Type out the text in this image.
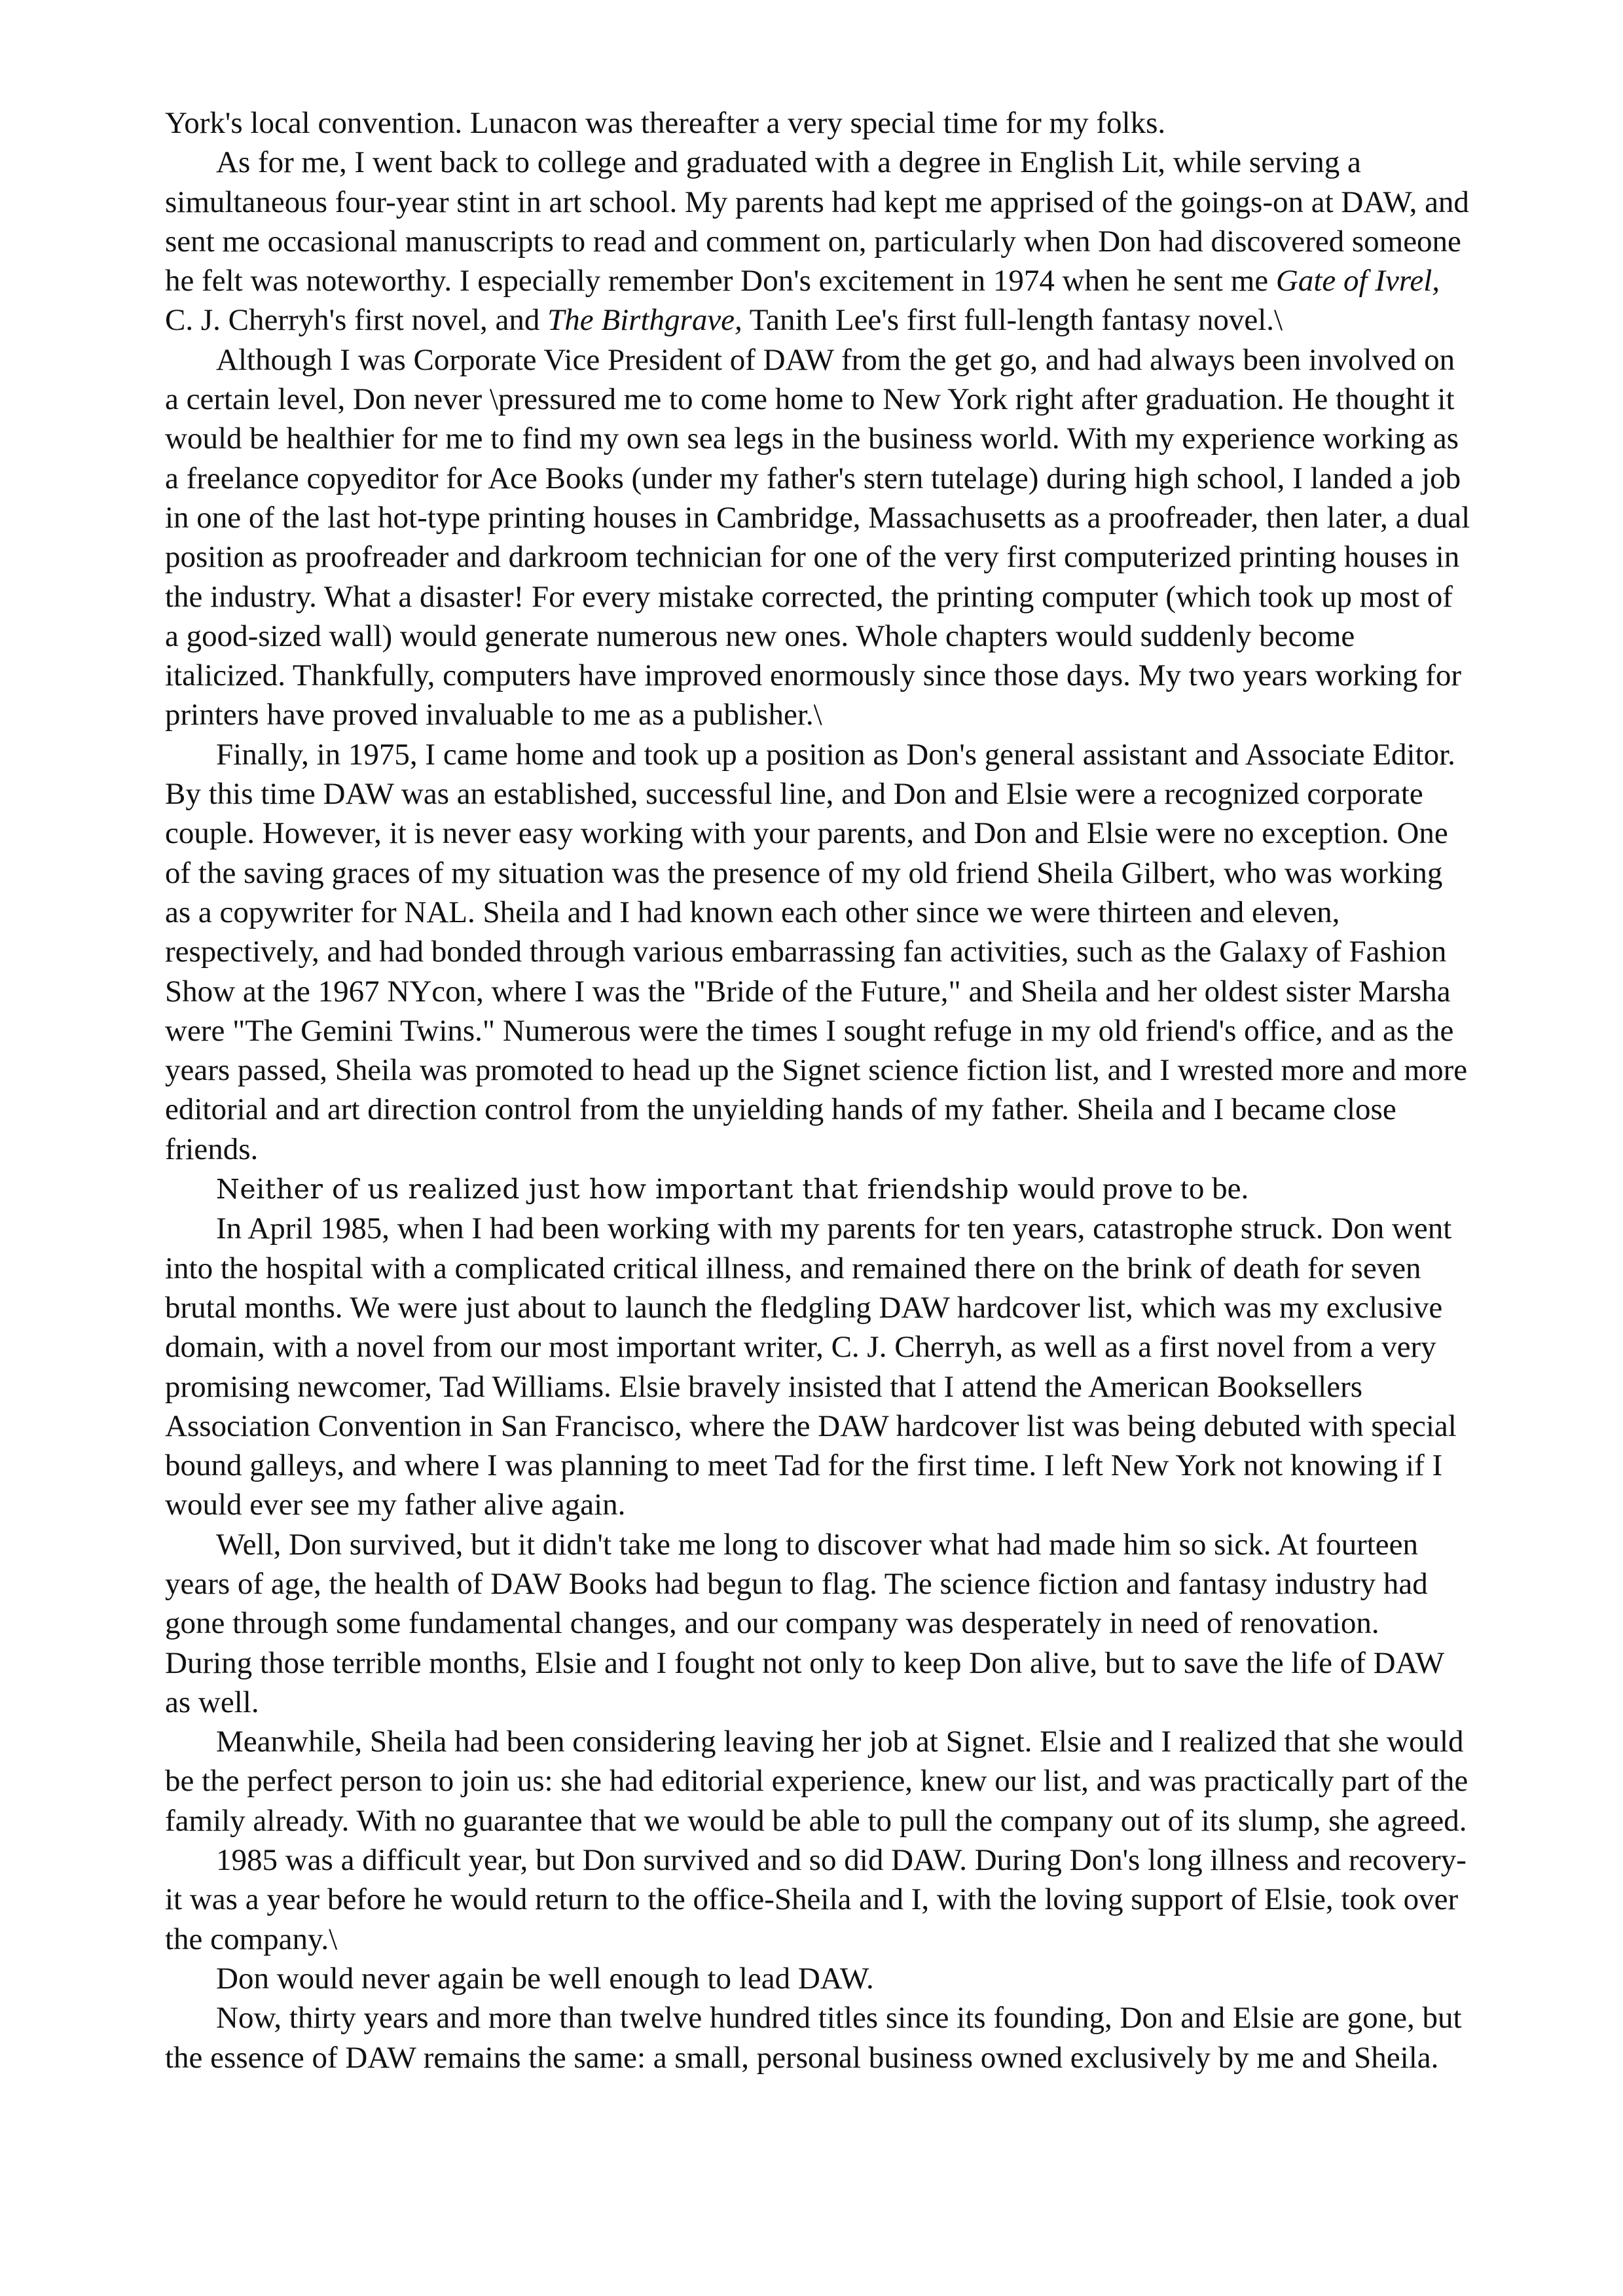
York's local convention. Lunacon was thereafter a very special time for my folks.

As for me, I went back to college and graduated with a degree in English Lit, while serving a simultaneous four-year stint in art school. My parents had kept me apprised of the goings-on at DAW, and sent me occasional manuscripts to read and comment on, particularly when Don had discovered someone he felt was noteworthy. I especially remember Don's excitement in 1974 when he sent me Gate of Ivrel, C. J. Cherryh's first novel, and The Birthgrave, Tanith Lee's first full-length fantasy novel.\

Although I was Corporate Vice President of DAW from the get go, and had always been involved on a certain level, Don never \pressured me to come home to New York right after graduation. He thought it would be healthier for me to find my own sea legs in the business world. With my experience working as a freelance copyeditor for Ace Books (under my father's stern tutelage) during high school, I landed a job in one of the last hot-type printing houses in Cambridge, Massachusetts as a proofreader, then later, a dual position as proofreader and darkroom technician for one of the very first computerized printing houses in the industry. What a disaster! For every mistake corrected, the printing computer (which took up most of a good-sized wall) would generate numerous new ones. Whole chapters would suddenly become italicized. Thankfully, computers have improved enormously since those days. My two years working for printers have proved invaluable to me as a publisher.\

Finally, in 1975, I came home and took up a position as Don's general assistant and Associate Editor. By this time DAW was an established, successful line, and Don and Elsie were a recognized corporate couple. However, it is never easy working with your parents, and Don and Elsie were no exception. One of the saving graces of my situation was the presence of my old friend Sheila Gilbert, who was working as a copywriter for NAL. Sheila and I had known each other since we were thirteen and eleven, respectively, and had bonded through various embarrassing fan activities, such as the Galaxy of Fashion Show at the 1967 NYcon, where I was the "Bride of the Future," and Sheila and her oldest sister Marsha were "The Gemini Twins." Numerous were the times I sought refuge in my old friend's office, and as the years passed, Sheila was promoted to head up the Signet science fiction list, and I wrested more and more editorial and art direction control from the unyielding hands of my father. Sheila and I became close friends.

Neither of us realized just how important that friendship would prove to be.

In April 1985, when I had been working with my parents for ten years, catastrophe struck. Don went into the hospital with a complicated critical illness, and remained there on the brink of death for seven brutal months. We were just about to launch the fledgling DAW hardcover list, which was my exclusive domain, with a novel from our most important writer, C. J. Cherryh, as well as a first novel from a very promising newcomer, Tad Williams. Elsie bravely insisted that I attend the American Booksellers Association Convention in San Francisco, where the DAW hardcover list was being debuted with special bound galleys, and where I was planning to meet Tad for the first time. I left New York not knowing if I would ever see my father alive again.

Well, Don survived, but it didn't take me long to discover what had made him so sick. At fourteen years of age, the health of DAW Books had begun to flag. The science fiction and fantasy industry had gone through some fundamental changes, and our company was desperately in need of renovation. During those terrible months, Elsie and I fought not only to keep Don alive, but to save the life of DAW as well.

Meanwhile, Sheila had been considering leaving her job at Signet. Elsie and I realized that she would be the perfect person to join us: she had editorial experience, knew our list, and was practically part of the family already. With no guarantee that we would be able to pull the company out of its slump, she agreed.

1985 was a difficult year, but Don survived and so did DAW. During Don's long illness and recovery-it was a year before he would return to the office-Sheila and I, with the loving support of Elsie, took over the company.\

Don would never again be well enough to lead DAW.

Now, thirty years and more than twelve hundred titles since its founding, Don and Elsie are gone, but the essence of DAW remains the same: a small, personal business owned exclusively by me and Sheila.
